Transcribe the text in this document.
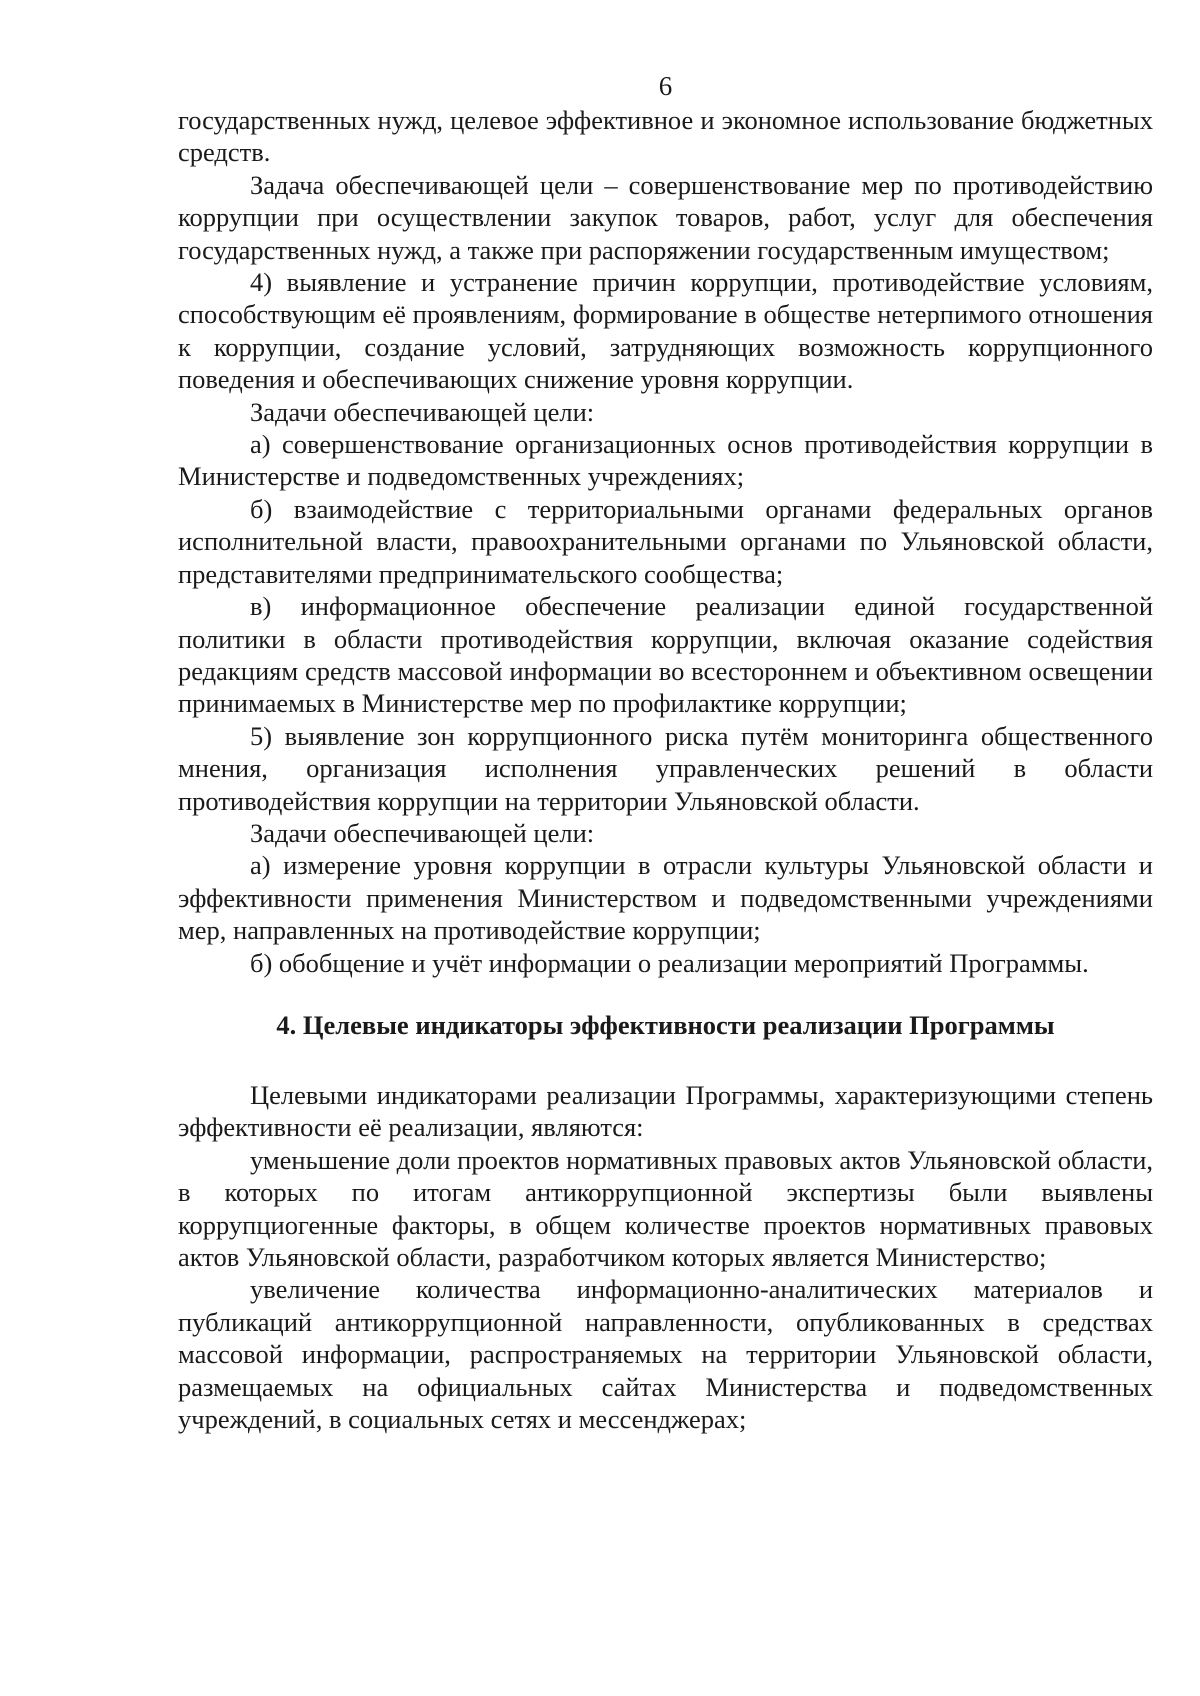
6

государственных нужд, целевое эффективное и экономное использование бюджетных средств.

Задача обеспечивающей цели – совершенствование мер по противодействию коррупции при осуществлении закупок товаров, работ, услуг для обеспечения государственных нужд, а также при распоряжении государственным имуществом;

4) выявление и устранение причин коррупции, противодействие условиям, способствующим её проявлениям, формирование в обществе нетерпимого отношения к коррупции, создание условий, затрудняющих возможность коррупционного поведения и обеспечивающих снижение уровня коррупции.

Задачи обеспечивающей цели:

а) совершенствование организационных основ противодействия коррупции в Министерстве и подведомственных учреждениях;

б) взаимодействие с территориальными органами федеральных органов исполнительной власти, правоохранительными органами по Ульяновской области, представителями предпринимательского сообщества;

в) информационное обеспечение реализации единой государственной политики в области противодействия коррупции, включая оказание содействия редакциям средств массовой информации во всестороннем и объективном освещении принимаемых в Министерстве мер по профилактике коррупции;

5) выявление зон коррупционного риска путём мониторинга общественного мнения, организация исполнения управленческих решений в области противодействия коррупции на территории Ульяновской области.

Задачи обеспечивающей цели:

а) измерение уровня коррупции в отрасли культуры Ульяновской области и эффективности применения Министерством и подведомственными учреждениями мер, направленных на противодействие коррупции;

б) обобщение и учёт информации о реализации мероприятий Программы.

4. Целевые индикаторы эффективности реализации Программы

Целевыми индикаторами реализации Программы, характеризующими степень эффективности её реализации, являются:

уменьшение доли проектов нормативных правовых актов Ульяновской области, в которых по итогам антикоррупционной экспертизы были выявлены коррупциогенные факторы, в общем количестве проектов нормативных правовых актов Ульяновской области, разработчиком которых является Министерство;

увеличение количества информационно-аналитических материалов и публикаций антикоррупционной направленности, опубликованных в средствах массовой информации, распространяемых на территории Ульяновской области, размещаемых на официальных сайтах Министерства и подведомственных учреждений, в социальных сетях и мессенджерах;
